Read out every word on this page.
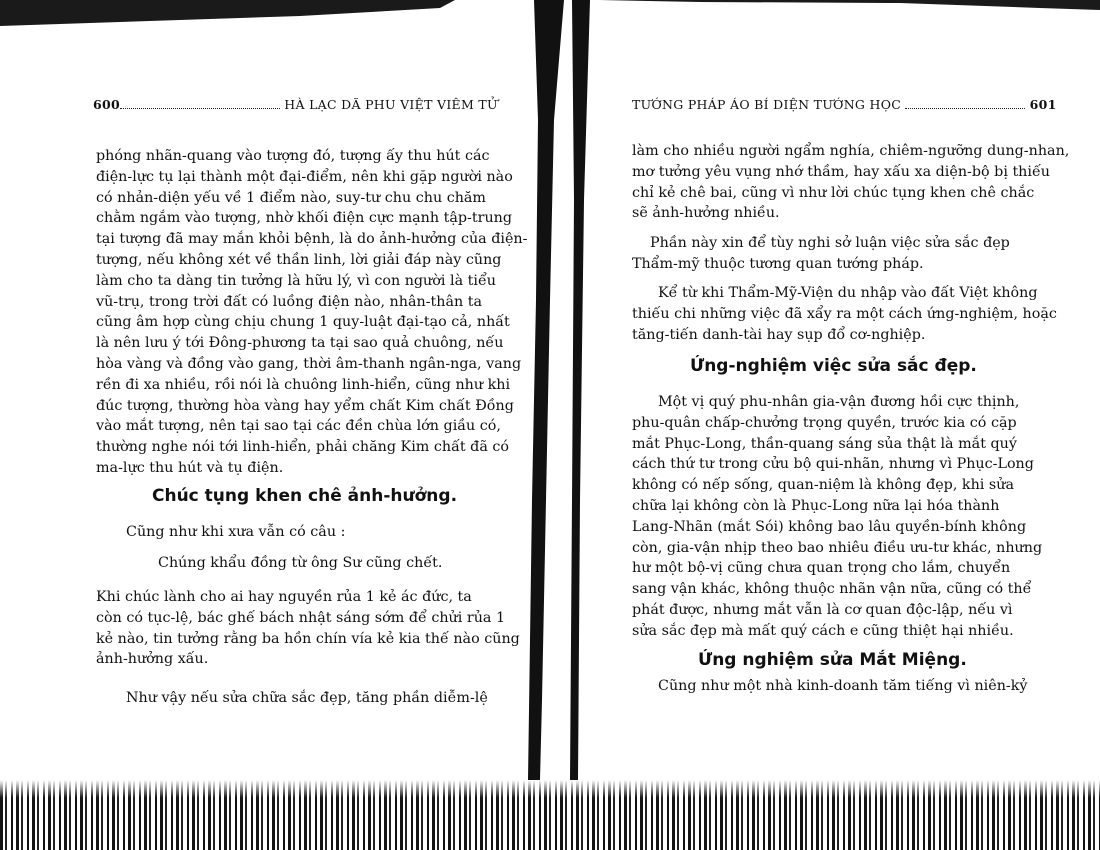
600	HÀ LẠC DÃ PHU VIỆT VIÊM TỬ
phóng nhãn-quang vào tượng đó, tượng ấy thu hút các
điện-lực tụ lại thành một đại-điểm, nên khi gặp người nào
có nhản-diện yếu về 1 điểm nào, suy-tư chu chu chăm
chằm ngắm vào tượng, nhờ khối điện cực mạnh tập-trung
tại tượng đã may mắn khỏi bệnh, là do ảnh-hưởng của điện-
tượng, nếu không xét về thần linh, lời giải đáp này cũng
làm cho ta dàng tin tưởng là hữu lý, vì con người là tiểu
vũ-trụ, trong trời đất có luồng điện nào, nhân-thân ta
cũng âm hợp cùng chịu chung 1 quy-luật đại-tạo cả, nhất
là nên lưu ý tới Đông-phương ta tại sao quả chuông, nếu
hòa vàng và đồng vào gang, thời âm-thanh ngân-nga, vang
rền đi xa nhiều, rồi nói là chuông linh-hiển, cũng như khi
đúc tượng, thường hòa vàng hay yểm chất Kim chất Đồng
vào mắt tượng, nên tại sao tại các đền chùa lớn giầu có,
thường nghe nói tới linh-hiển, phải chăng Kim chất đã có
ma-lực thu hút và tụ điện.
Chúc tụng khen chê ảnh-hưởng.
Cũng như khi xưa vẫn có câu :
Chúng khẩu đồng từ ông Sư cũng chết.
Khi chúc lành cho ai hay nguyền rủa 1 kẻ ác đức, ta
còn có tục-lệ, bác ghế bách nhật sáng sớm để chửi rủa 1
kẻ nào, tin tưởng rằng ba hồn chín vía kẻ kia thế nào cũng
ảnh-hưởng xấu.
Như vậy nếu sửa chữa sắc đẹp, tăng phần diễm-lệ
TƯỚNG PHÁP ÁO BÍ DIỆN TƯỚNG HỌC	601
làm cho nhiều người ngẩm nghía, chiêm-ngưỡng dung-nhan,
mơ tưởng yêu vụng nhớ thầm, hay xấu xa diện-bộ bị thiếu
chỉ kẻ chê bai, cũng vì như lời chúc tụng khen chê chắc
sẽ ảnh-hưởng nhiều.
Phần này xin để tùy nghi sở luận việc sửa sắc đẹp
Thẩm-mỹ thuộc tương quan tướng pháp.
Kể từ khi Thẩm-Mỹ-Viện du nhập vào đất Việt không
thiếu chi những việc đã xẩy ra một cách ứng-nghiệm, hoặc
tăng-tiến danh-tài hay sụp đổ cơ-nghiệp.
Ứng-nghiệm việc sửa sắc đẹp.
Một vị quý phu-nhân gia-vận đương hồi cực thịnh,
phu-quân chấp-chưởng trọng quyền, trước kia có cặp
mắt Phục-Long, thần-quang sáng sủa thật là mắt quý
cách thứ tư trong cửu bộ qui-nhãn, nhưng vì Phục-Long
không có nếp sống, quan-niệm là không đẹp, khi sửa
chữa lại không còn là Phục-Long nữa lại hóa thành
Lang-Nhãn (mắt Sói) không bao lâu quyền-bính không
còn, gia-vận nhịp theo bao nhiêu điều ưu-tư khác, nhưng
hư một bộ-vị cũng chưa quan trọng cho lắm, chuyển
sang vận khác, không thuộc nhãn vận nữa, cũng có thể
phát được, nhưng mắt vẫn là cơ quan độc-lập, nếu vì
sửa sắc đẹp mà mất quý cách e cũng thiệt hại nhiều.
Ứng nghiệm sửa Mắt Miệng.
Cũng như một nhà kinh-doanh tăm tiếng vì niên-kỷ
